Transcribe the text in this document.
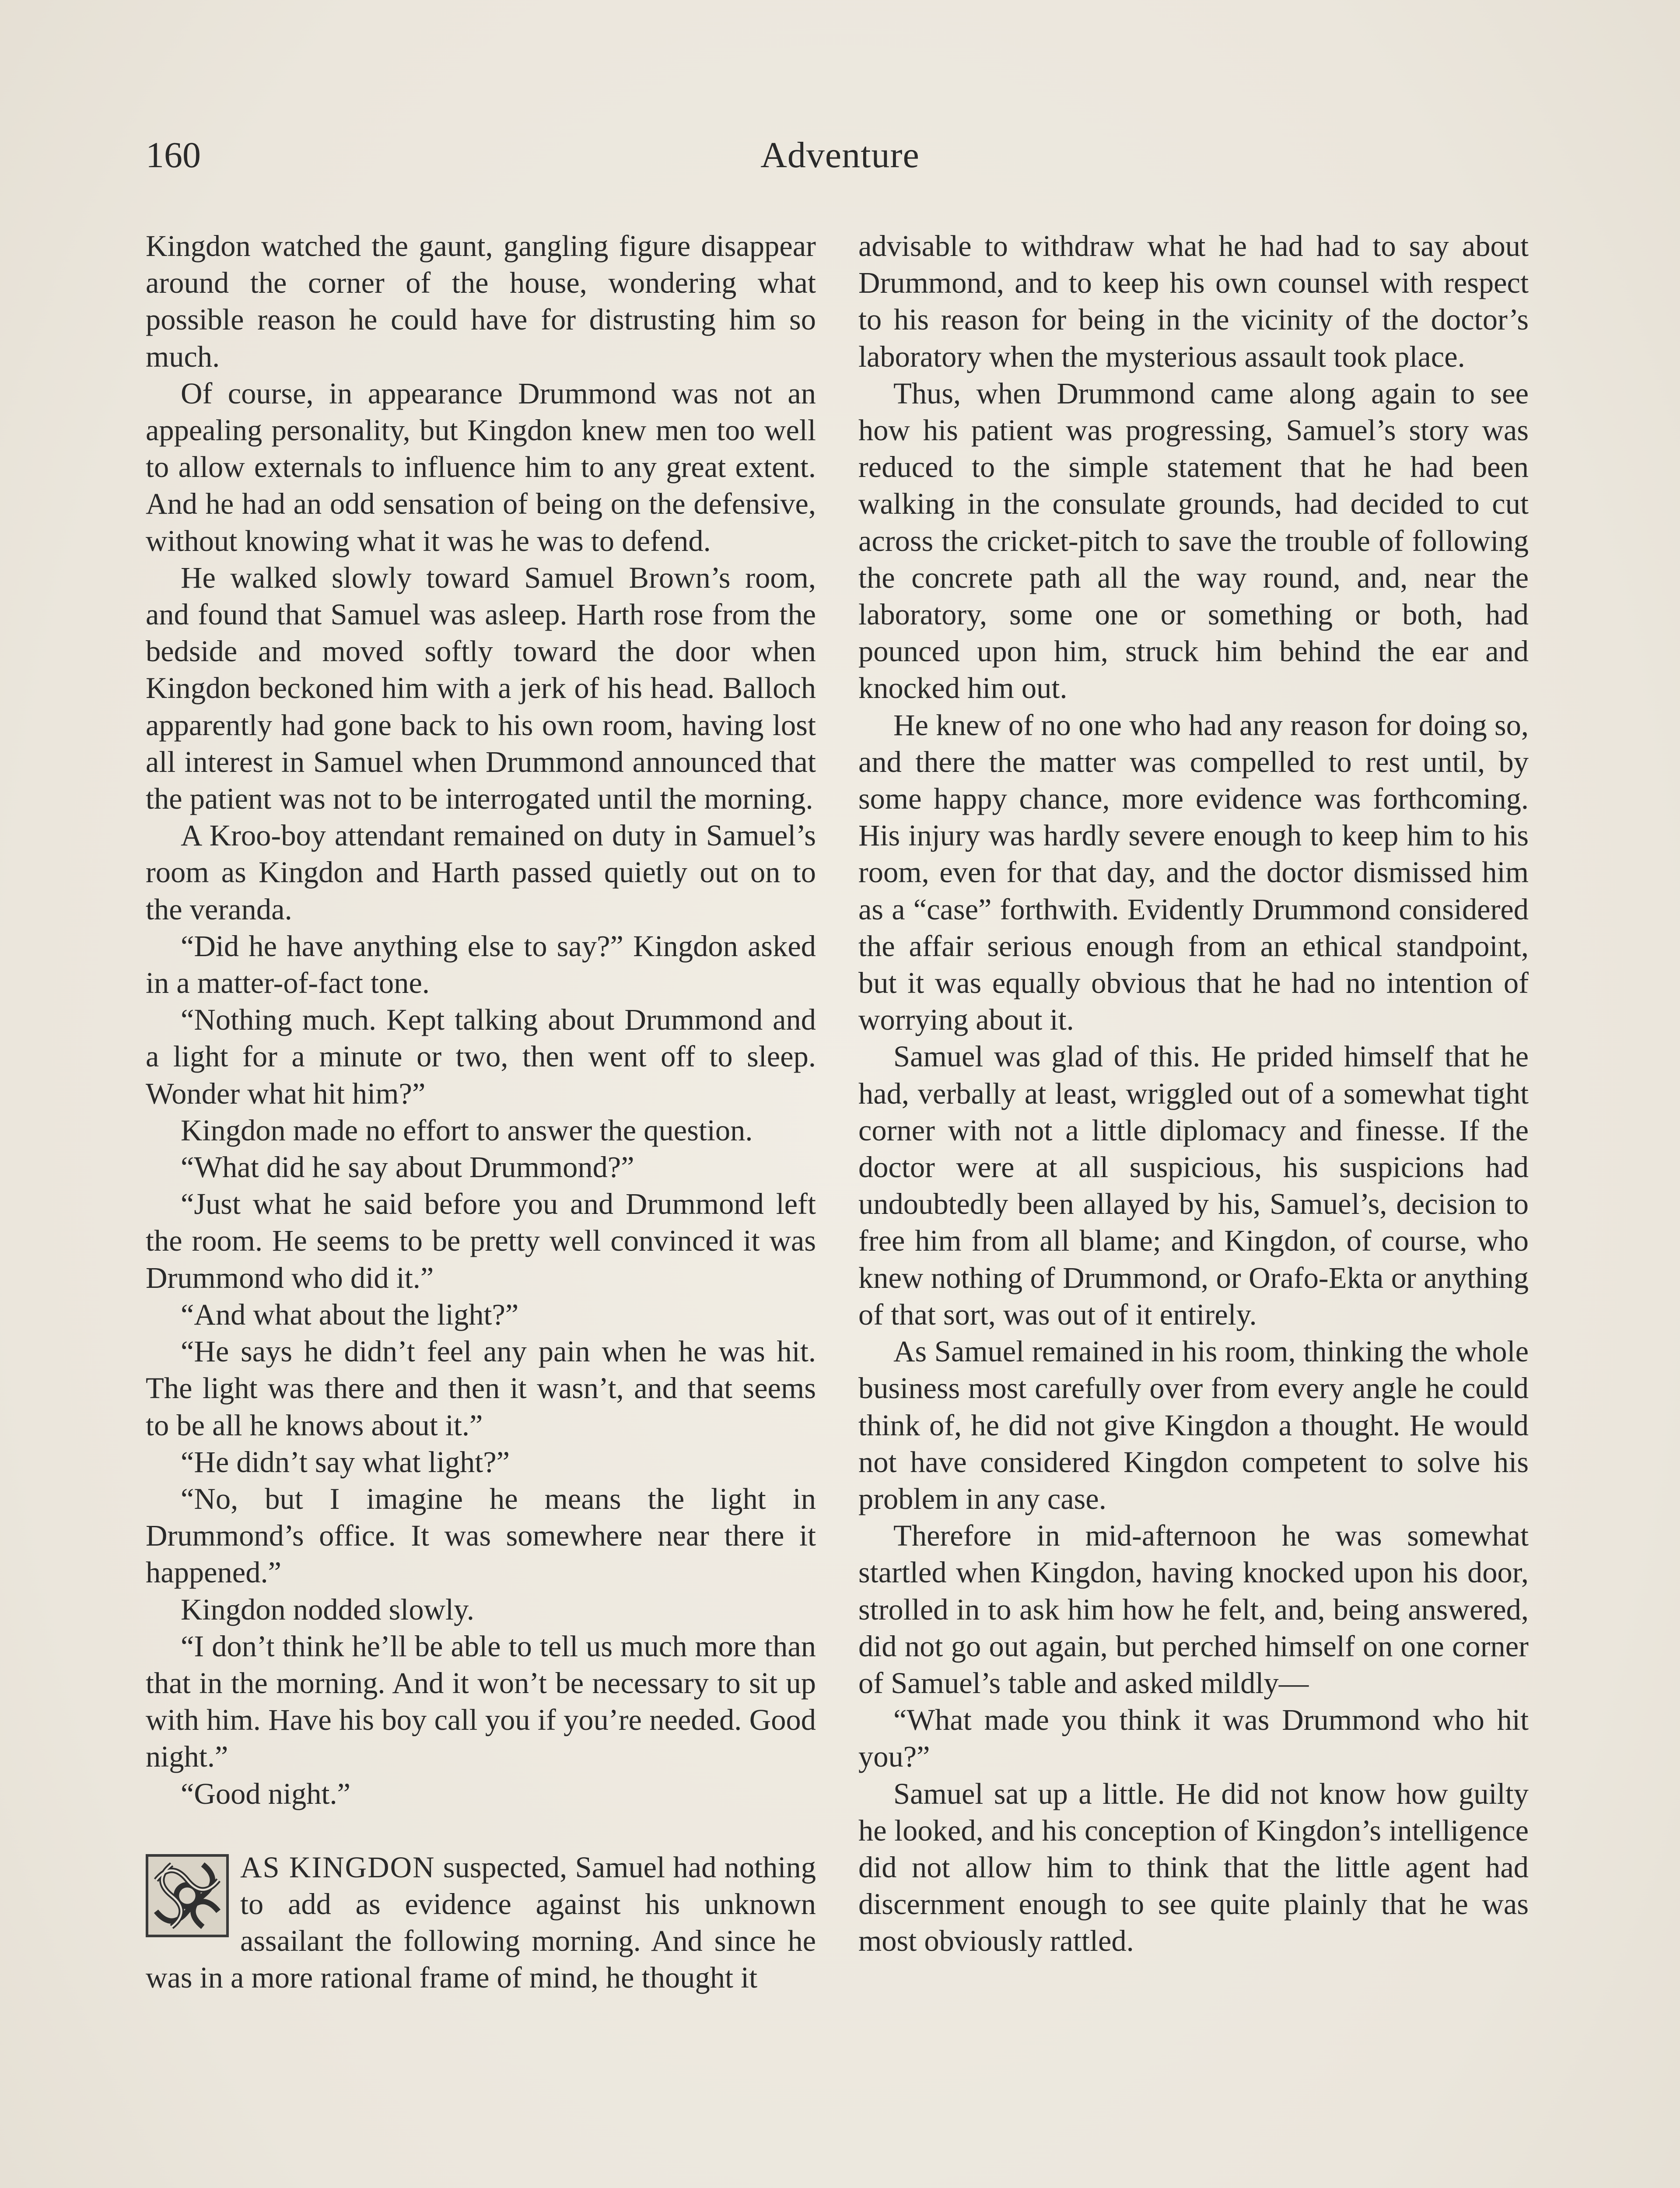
160	Adventure

Kingdon watched the gaunt, gangling figure disappear around the corner of the house, wondering what possible reason he could have for distrusting him so much.

Of course, in appearance Drummond was not an appealing personality, but Kingdon knew men too well to allow externals to influence him to any great extent. And he had an odd sensation of being on the defensive, without knowing what it was he was to defend.

He walked slowly toward Samuel Brown’s room, and found that Samuel was asleep. Harth rose from the bedside and moved softly toward the door when Kingdon beckoned him with a jerk of his head. Balloch apparently had gone back to his own room, having lost all interest in Samuel when Drummond announced that the patient was not to be interrogated until the morning.

A Kroo-boy attendant remained on duty in Samuel’s room as Kingdon and Harth passed quietly out on to the veranda.

“Did he have anything else to say?” Kingdon asked in a matter-of-fact tone.

“Nothing much. Kept talking about Drummond and a light for a minute or two, then went off to sleep. Wonder what hit him?”

Kingdon made no effort to answer the question.

“What did he say about Drummond?”

“Just what he said before you and Drummond left the room. He seems to be pretty well convinced it was Drummond who did it.”

“And what about the light?”

“He says he didn’t feel any pain when he was hit. The light was there and then it wasn’t, and that seems to be all he knows about it.”

“He didn’t say what light?”

“No, but I imagine he means the light in Drummond’s office. It was somewhere near there it happened.”

Kingdon nodded slowly.

“I don’t think he’ll be able to tell us much more than that in the morning. And it won’t be necessary to sit up with him. Have his boy call you if you’re needed. Good night.”

“Good night.”

AS KINGDON suspected, Samuel had nothing to add as evidence against his unknown assailant the following morning. And since he was in a more rational frame of mind, he thought it

advisable to withdraw what he had had to say about Drummond, and to keep his own counsel with respect to his reason for being in the vicinity of the doctor’s laboratory when the mysterious assault took place.

Thus, when Drummond came along again to see how his patient was progressing, Samuel’s story was reduced to the simple statement that he had been walking in the consulate grounds, had decided to cut across the cricket-pitch to save the trouble of following the concrete path all the way round, and, near the laboratory, some one or something or both, had pounced upon him, struck him behind the ear and knocked him out.

He knew of no one who had any reason for doing so, and there the matter was compelled to rest until, by some happy chance, more evidence was forthcoming. His injury was hardly severe enough to keep him to his room, even for that day, and the doctor dismissed him as a “case” forthwith. Evidently Drummond considered the affair serious enough from an ethical standpoint, but it was equally obvious that he had no intention of worrying about it.

Samuel was glad of this. He prided himself that he had, verbally at least, wriggled out of a somewhat tight corner with not a little diplomacy and finesse. If the doctor were at all suspicious, his suspicions had undoubtedly been allayed by his, Samuel’s, decision to free him from all blame; and Kingdon, of course, who knew nothing of Drummond, or Orafo-Ekta or anything of that sort, was out of it entirely.

As Samuel remained in his room, thinking the whole business most carefully over from every angle he could think of, he did not give Kingdon a thought. He would not have considered Kingdon competent to solve his problem in any case.

Therefore in mid-afternoon he was somewhat startled when Kingdon, having knocked upon his door, strolled in to ask him how he felt, and, being answered, did not go out again, but perched himself on one corner of Samuel’s table and asked mildly—

“What made you think it was Drummond who hit you?”

Samuel sat up a little. He did not know how guilty he looked, and his conception of Kingdon’s intelligence did not allow him to think that the little agent had discernment enough to see quite plainly that he was most obviously rattled.
